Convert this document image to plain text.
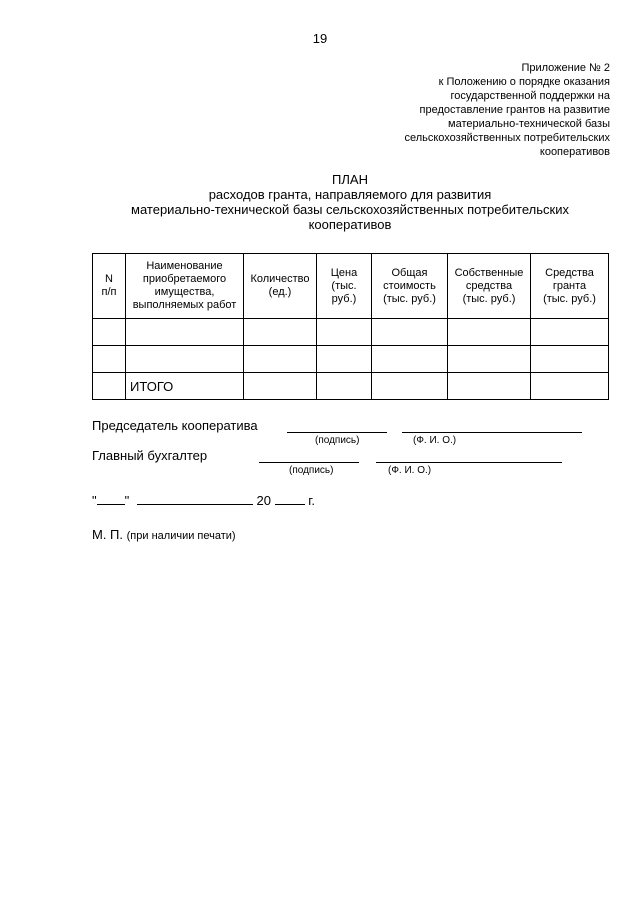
19
Приложение № 2
к Положению о порядке оказания
государственной поддержки на
предоставление грантов на развитие
материально-технической базы
сельскохозяйственных потребительских
кооперативов
ПЛАН
расходов гранта, направляемого для развития
материально-технической базы сельскохозяйственных потребительских
кооперативов
N
п/п	Наименование
приобретаемого
имущества,
выполняемых работ	Количество
(ед.)	Цена
(тыс.
руб.)	Общая
стоимость
(тыс. руб.)	Собственные
средства
(тыс. руб.)	Средства
гранта
(тыс. руб.)

	ИТОГО					
Председатель кооператива
(подпись)	(Ф. И. О.)
Главный бухгалтер
(подпись)	(Ф. И. О.)
" "	20	г.
М. П. (при наличии печати)
